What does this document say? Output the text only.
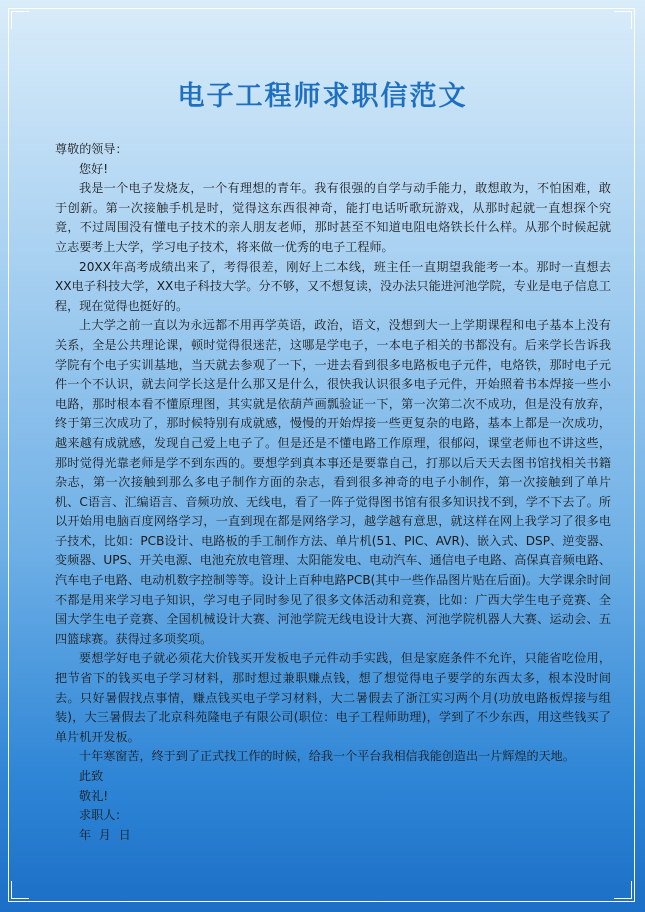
电子工程师求职信范文

尊敬的领导：

您好!

我是一个电子发烧友，一个有理想的青年。我有很强的自学与动手能力，敢想敢为，不怕困难，敢于创新。第一次接触手机是时，觉得这东西很神奇，能打电话听歌玩游戏，从那时起就一直想探个究竟，不过周围没有懂电子技术的亲人朋友老师，那时甚至不知道电阻电烙铁长什么样。从那个时候起就立志要考上大学，学习电子技术，将来做一优秀的电子工程师。

20XX年高考成绩出来了，考得很差，刚好上二本线，班主任一直期望我能考一本。那时一直想去XX电子科技大学，XX电子科技大学。分不够，又不想复读，没办法只能进河池学院，专业是电子信息工程，现在觉得也挺好的。

上大学之前一直以为永远都不用再学英语，政治，语文，没想到大一上学期课程和电子基本上没有关系，全是公共理论课，顿时觉得很迷茫，这哪是学电子，一本电子相关的书都没有。后来学长告诉我学院有个电子实训基地，当天就去参观了一下，一进去看到很多电路板电子元件，电烙铁，那时电子元件一个不认识，就去问学长这是什么那又是什么，很快我认识很多电子元件，开始照着书本焊接一些小电路，那时根本看不懂原理图，其实就是依葫芦画瓢验证一下，第一次第二次不成功，但是没有放弃，终于第三次成功了，那时候特别有成就感，慢慢的开始焊接一些更复杂的电路，基本上都是一次成功，越来越有成就感，发现自己爱上电子了。但是还是不懂电路工作原理，很郁闷，课堂老师也不讲这些，那时觉得光靠老师是学不到东西的。要想学到真本事还是要靠自己，打那以后天天去图书馆找相关书籍杂志，第一次接触到那么多电子制作方面的杂志，看到很多神奇的电子小制作，第一次接触到了单片机、C语言、汇编语言、音频功放、无线电，看了一阵子觉得图书馆有很多知识找不到，学不下去了。所以开始用电脑百度网络学习，一直到现在都是网络学习，越学越有意思，就这样在网上我学习了很多电子技术，比如：PCB设计、电路板的手工制作方法、单片机(51、PIC、AVR)、嵌入式、DSP、逆变器、变频器、UPS、开关电源、电池充放电管理、太阳能发电、电动汽车、通信电子电路、高保真音频电路、汽车电子电路、电动机数字控制等等。设计上百种电路PCB(其中一些作品图片贴在后面)。大学课余时间不都是用来学习电子知识，学习电子同时参见了很多文体活动和竞赛，比如：广西大学生电子竞赛、全国大学生电子竞赛、全国机械设计大赛、河池学院无线电设计大赛、河池学院机器人大赛、运动会、五四篮球赛。获得过多项奖项。

要想学好电子就必须花大价钱买开发板电子元件动手实践，但是家庭条件不允许，只能省吃俭用，把节省下的钱买电子学习材料，那时想过兼职赚点钱，想了想觉得电子要学的东西太多，根本没时间去。只好暑假找点事情，赚点钱买电子学习材料，大二暑假去了浙江实习两个月(功放电路板焊接与组装)，大三暑假去了北京科苑隆电子有限公司(职位：电子工程师助理)，学到了不少东西，用这些钱买了单片机开发板。

十年寒窗苦，终于到了正式找工作的时候，给我一个平台我相信我能创造出一片辉煌的天地。

此致

敬礼!

求职人：

年  月  日
